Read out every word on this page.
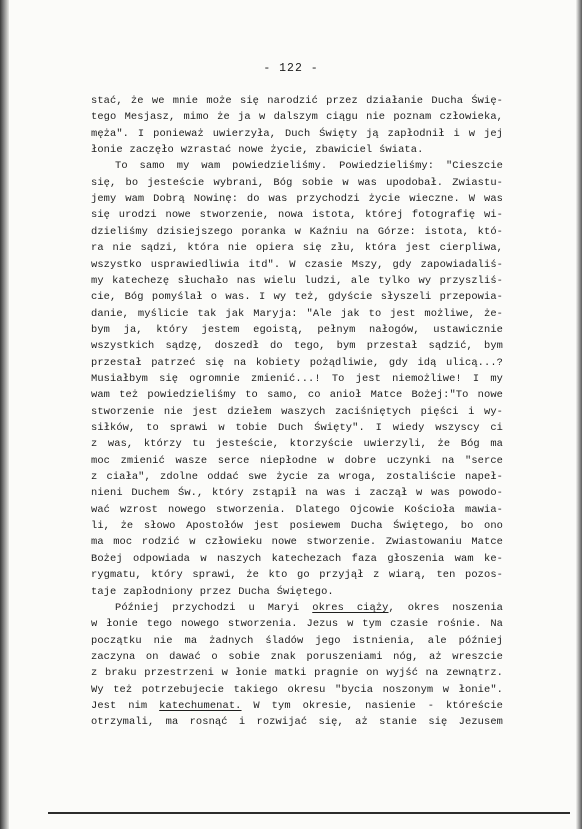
- 122 -
stać, że we mnie może się narodzić przez działanie Ducha Świę-
tego Mesjasz, mimo że ja w dalszym ciągu nie poznam człowieka,
męża". I ponieważ uwierzyła, Duch Święty ją zapłodnił i w jej
łonie zaczęło wzrastać nowe życie, zbawiciel świata.
To samo my wam powiedzieliśmy. Powiedzieliśmy: "Cieszcie
się, bo jesteście wybrani, Bóg sobie w was upodobał. Zwiastu-
jemy wam Dobrą Nowinę: do was przychodzi życie wieczne. W was
się urodzi nowe stworzenie, nowa istota, której fotografię wi-
dzieliśmy dzisiejszego poranka w Kaźniu na Górze: istota, któ-
ra nie sądzi, która nie opiera się złu, która jest cierpliwa,
wszystko usprawiedliwia itd". W czasie Mszy, gdy zapowiadaliś-
my katechezę słuchało nas wielu ludzi, ale tylko wy przyszliś-
cie, Bóg pomyślał o was. I wy też, gdyście słyszeli przepowia-
danie, myślicie tak jak Maryja: "Ale jak to jest możliwe, że-
bym ja, który jestem egoistą, pełnym nałogów, ustawicznie
wszystkich sądzę, doszedł do tego, bym przestał sądzić, bym
przestał patrzeć się na kobiety pożądliwie, gdy idą ulicą...?
Musiałbym się ogromnie zmienić...! To jest niemożliwe! I my
wam też powiedzieliśmy to samo, co anioł Matce Bożej:"To nowe
stworzenie nie jest dziełem waszych zaciśniętych pięści i wy-
siłków, to sprawi w tobie Duch Święty". I wiedy wszyscy ci
z was, którzy tu jesteście, ktorzyście uwierzyli, że Bóg ma
moc zmienić wasze serce niepłodne w dobre uczynki na "serce
z ciała", zdolne oddać swe życie za wroga, zostaliście napeł-
nieni Duchem Św., który zstąpił na was i zaczął w was powodo-
wać wzrost nowego stworzenia. Dlatego Ojcowie Kościoła mawia-
li, że słowo Apostołów jest posiewem Ducha Świętego, bo ono
ma moc rodzić w człowieku nowe stworzenie. Zwiastowaniu Matce
Bożej odpowiada w naszych katechezach faza głoszenia wam ke-
rygmatu, który sprawi, że kto go przyjął z wiarą, ten pozos-
taje zapłodniony przez Ducha Świętego.
Później przychodzi u Maryi okres ciąży, okres noszenia
w łonie tego nowego stworzenia. Jezus w tym czasie rośnie. Na
początku nie ma żadnych śladów jego istnienia, ale później
zaczyna on dawać o sobie znak poruszeniami nóg, aż wreszcie
z braku przestrzeni w łonie matki pragnie on wyjść na zewnątrz.
Wy też potrzebujecie takiego okresu "bycia noszonym w łonie".
Jest nim katechumenat. W tym okresie, nasienie - któreście
otrzymali, ma rosnąć i rozwijać się, aż stanie się Jezusem
